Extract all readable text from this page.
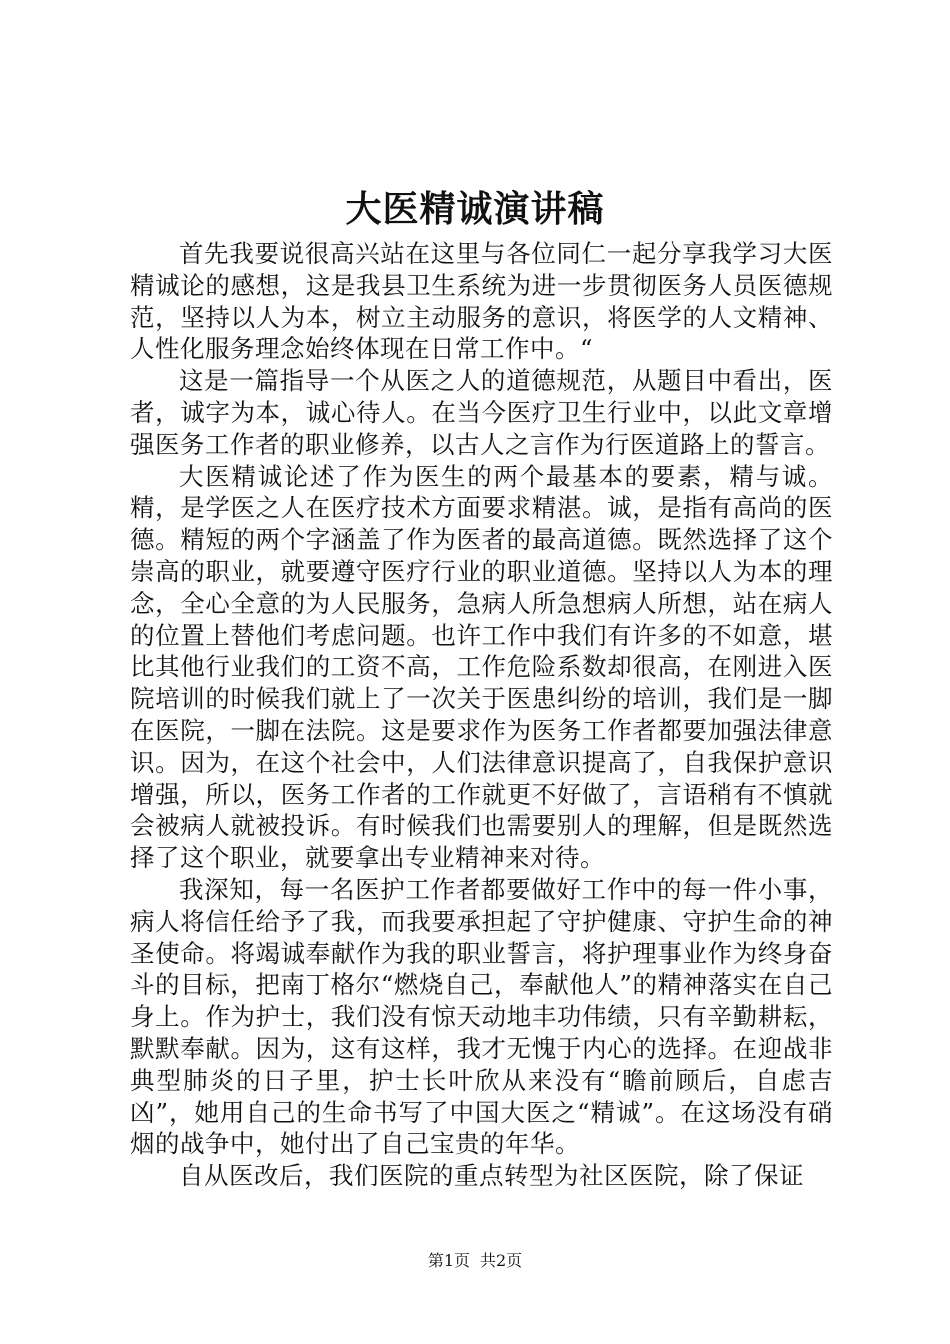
大医精诚演讲稿

首先我要说很高兴站在这里与各位同仁一起分享我学习大医精诚论的感想，这是我县卫生系统为进一步贯彻医务人员医德规范，坚持以人为本，树立主动服务的意识，将医学的人文精神、人性化服务理念始终体现在日常工作中。“

这是一篇指导一个从医之人的道德规范，从题目中看出，医者，诚字为本，诚心待人。在当今医疗卫生行业中，以此文章增强医务工作者的职业修养，以古人之言作为行医道路上的誓言。

大医精诚论述了作为医生的两个最基本的要素，精与诚。精，是学医之人在医疗技术方面要求精湛。诚，是指有高尚的医德。精短的两个字涵盖了作为医者的最高道德。既然选择了这个崇高的职业，就要遵守医疗行业的职业道德。坚持以人为本的理念，全心全意的为人民服务，急病人所急想病人所想，站在病人的位置上替他们考虑问题。也许工作中我们有许多的不如意，堪比其他行业我们的工资不高，工作危险系数却很高，在刚进入医院培训的时候我们就上了一次关于医患纠纷的培训，我们是一脚在医院，一脚在法院。这是要求作为医务工作者都要加强法律意识。因为，在这个社会中，人们法律意识提高了，自我保护意识增强，所以，医务工作者的工作就更不好做了，言语稍有不慎就会被病人就被投诉。有时候我们也需要别人的理解，但是既然选择了这个职业，就要拿出专业精神来对待。

我深知，每一名医护工作者都要做好工作中的每一件小事，病人将信任给予了我，而我要承担起了守护健康、守护生命的神圣使命。将竭诚奉献作为我的职业誓言，将护理事业作为终身奋斗的目标，把南丁格尔“燃烧自己，奉献他人”的精神落实在自己身上。作为护士，我们没有惊天动地丰功伟绩，只有辛勤耕耘，默默奉献。因为，这有这样，我才无愧于内心的选择。在迎战非典型肺炎的日子里，护士长叶欣从来没有“瞻前顾后，自虑吉凶”，她用自己的生命书写了中国大医之“精诚”。在这场没有硝烟的战争中，她付出了自己宝贵的年华。

自从医改后，我们医院的重点转型为社区医院，除了保证

第1页 共2页
